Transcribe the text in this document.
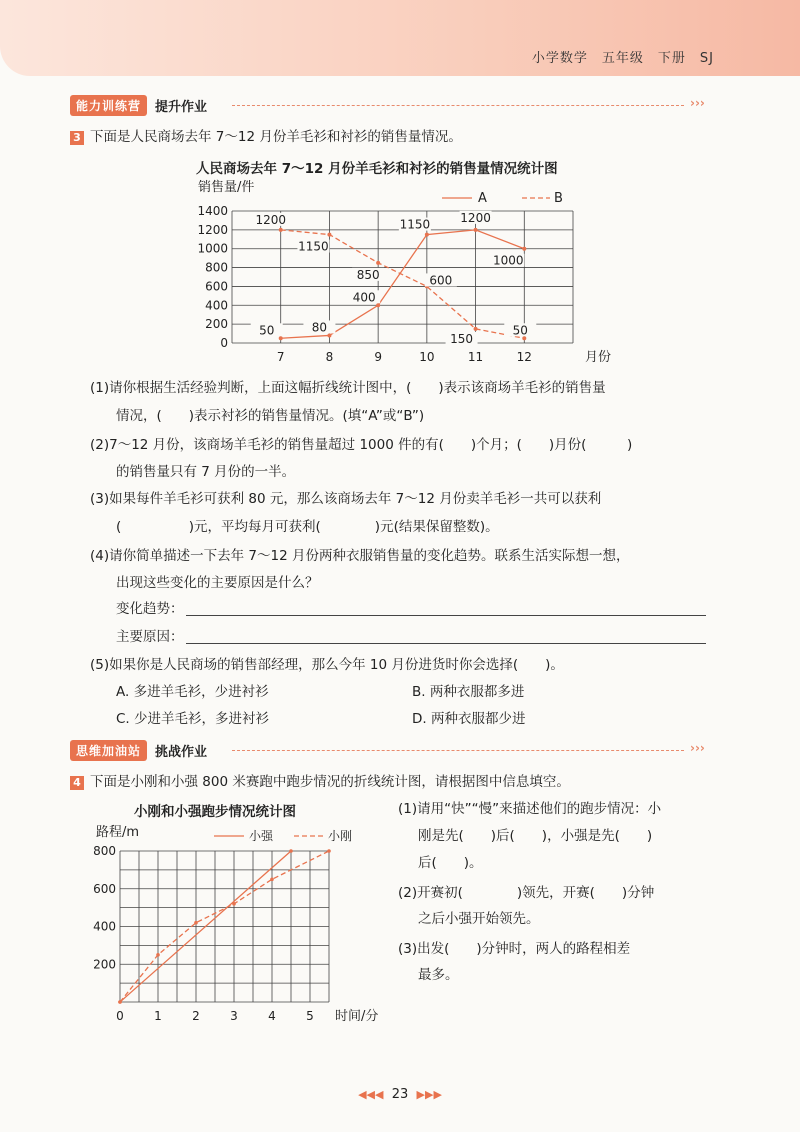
小学数学　五年级　下册　SJ
能力训练营	提升作业	›››
3 下面是人民商场去年 7～12 月份羊毛衫和衬衫的销售量情况。
人民商场去年 7～12 月份羊毛衫和衬衫的销售量情况统计图
销售量/件
0
200
400
600
800
1000
1200
1400
7	8	9	10	11	12	月份
50	80
400
1150	1200
1000
1200
1150
850	600
150
50
A	B
(1)请你根据生活经验判断，上面这幅折线统计图中，(　　)表示该商场羊毛衫的销售量
情况，(　　)表示衬衫的销售量情况。(填“A”或“B”)
(2)7～12 月份，该商场羊毛衫的销售量超过 1000 件的有(　　)个月；(　　)月份(　　　)
的销售量只有 7 月份的一半。
(3)如果每件羊毛衫可获利 80 元，那么该商场去年 7～12 月份卖羊毛衫一共可以获利
(　　　　　)元，平均每月可获利(　　　　)元(结果保留整数)。
(4)请你简单描述一下去年 7～12 月份两种衣服销售量的变化趋势。联系生活实际想一想，
出现这些变化的主要原因是什么？
变化趋势：
主要原因：
(5)如果你是人民商场的销售部经理，那么今年 10 月份进货时你会选择(　　)。
A. 多进羊毛衫，少进衬衫	B. 两种衣服都多进
C. 少进羊毛衫，多进衬衫	D. 两种衣服都少进
思维加油站	挑战作业	›››
4 下面是小刚和小强 800 米赛跑中跑步情况的折线统计图，请根据图中信息填空。
小刚和小强跑步情况统计图
路程/m
200
400
600
800
0	1	2	3	4	5 时间/分
小强	小刚
(1)请用“快”“慢”来描述他们的跑步情况：小
刚是先(　　)后(　　)，小强是先(　　)
后(　　)。
(2)开赛初(　　　　)领先，开赛(　　)分钟
之后小强开始领先。
(3)出发(　　)分钟时，两人的路程相差
最多。
◀◀◀ 23 ▶▶▶
